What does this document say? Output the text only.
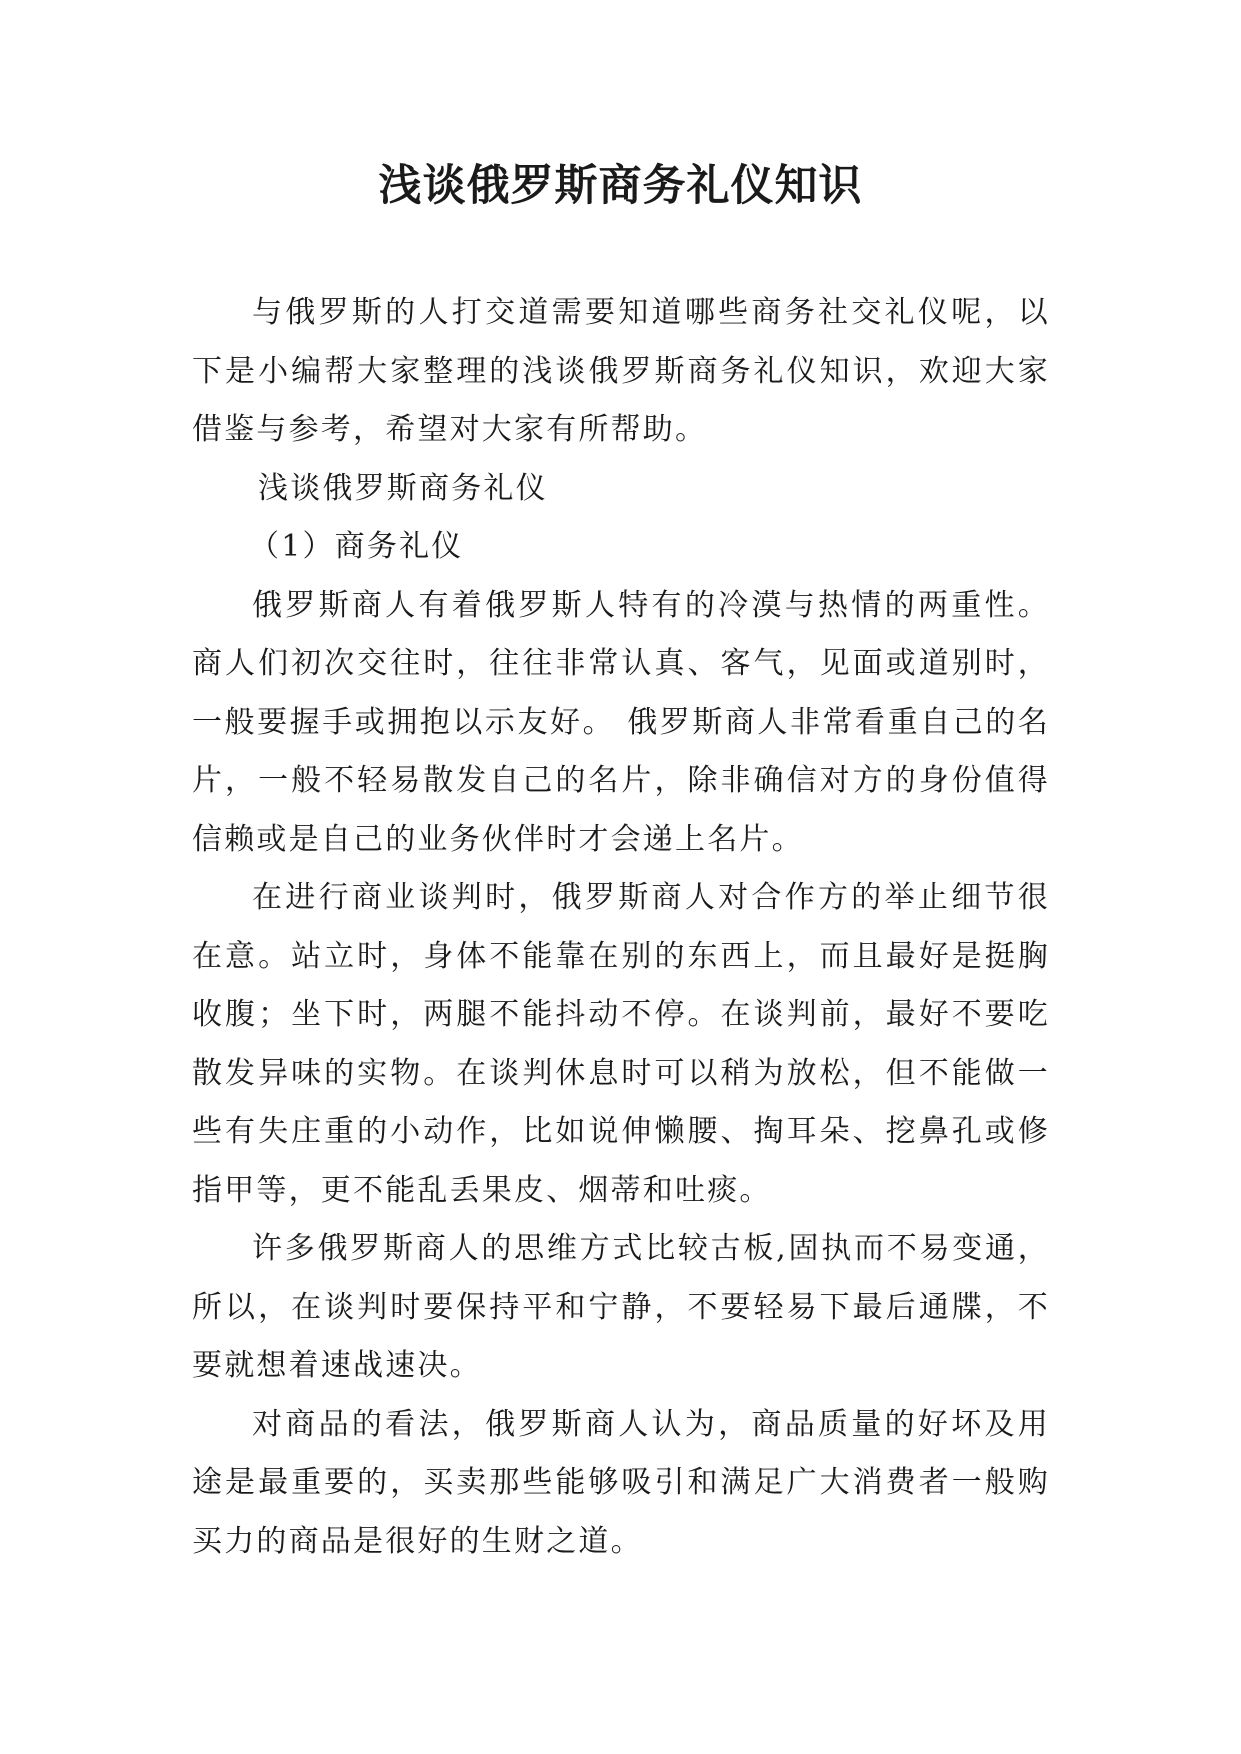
浅谈俄罗斯商务礼仪知识

与俄罗斯的人打交道需要知道哪些商务社交礼仪呢，以下是小编帮大家整理的浅谈俄罗斯商务礼仪知识，欢迎大家借鉴与参考，希望对大家有所帮助。

浅谈俄罗斯商务礼仪

（1）商务礼仪

俄罗斯商人有着俄罗斯人特有的冷漠与热情的两重性。商人们初次交往时，往往非常认真、客气，见面或道别时，一般要握手或拥抱以示友好。 俄罗斯商人非常看重自己的名片，一般不轻易散发自己的名片，除非确信对方的身份值得信赖或是自己的业务伙伴时才会递上名片。

在进行商业谈判时，俄罗斯商人对合作方的举止细节很在意。站立时，身体不能靠在别的东西上，而且最好是挺胸收腹；坐下时，两腿不能抖动不停。在谈判前，最好不要吃散发异味的实物。在谈判休息时可以稍为放松，但不能做一些有失庄重的小动作，比如说伸懒腰、掏耳朵、挖鼻孔或修指甲等，更不能乱丢果皮、烟蒂和吐痰。

许多俄罗斯商人的思维方式比较古板,固执而不易变通，所以，在谈判时要保持平和宁静，不要轻易下最后通牒，不要就想着速战速决。

对商品的看法，俄罗斯商人认为，商品质量的好坏及用途是最重要的，买卖那些能够吸引和满足广大消费者一般购买力的商品是很好的生财之道。
